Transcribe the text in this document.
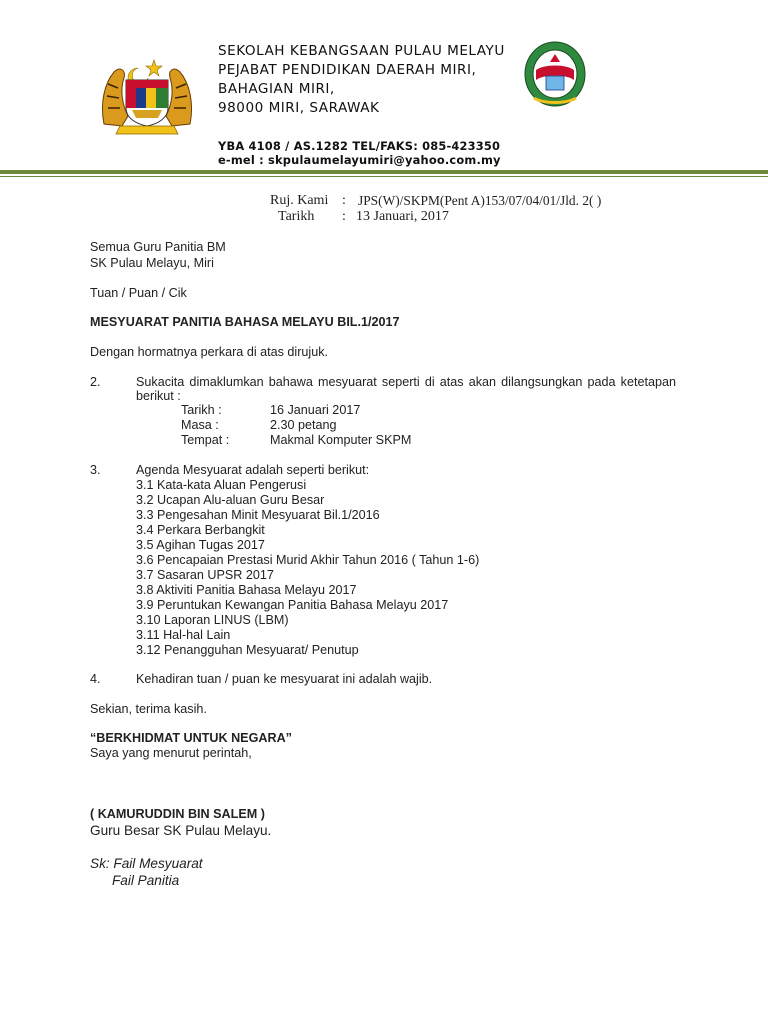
SEKOLAH KEBANGSAAN PULAU MELAYU
PEJABAT PENDIDIKAN DAERAH MIRI,
BAHAGIAN MIRI,
98000 MIRI, SARAWAK
YBA 4108 / AS.1282 TEL/FAKS: 085-423350
e-mel : skpulaumelayumiri@yahoo.com.my
Ruj. Kami : JPS(W)/SKPM(Pent A)153/07/04/01/Jld. 2( )
Tarikh : 13 Januari, 2017
Semua Guru Panitia BM
SK Pulau Melayu, Miri
Tuan / Puan / Cik
MESYUARAT PANITIA BAHASA MELAYU BIL.1/2017
Dengan hormatnya perkara di atas dirujuk.
2.	Sukacita dimaklumkan bahawa mesyuarat seperti di atas akan dilangsungkan pada ketetapan berikut :
Tarikh :	16 Januari 2017
Masa :	2.30 petang
Tempat :	Makmal Komputer SKPM
3.	Agenda Mesyuarat adalah seperti berikut:
3.1 Kata-kata Aluan Pengerusi
3.2 Ucapan Alu-aluan Guru Besar
3.3 Pengesahan Minit Mesyuarat Bil.1/2016
3.4 Perkara Berbangkit
3.5 Agihan Tugas 2017
3.6 Pencapaian Prestasi Murid Akhir Tahun 2016 ( Tahun 1-6)
3.7 Sasaran UPSR 2017
3.8 Aktiviti Panitia Bahasa Melayu 2017
3.9 Peruntukan Kewangan Panitia Bahasa Melayu 2017
3.10 Laporan LINUS (LBM)
3.11 Hal-hal Lain
3.12 Penangguhan Mesyuarat/ Penutup
4.	Kehadiran tuan / puan ke mesyuarat ini adalah wajib.
Sekian, terima kasih.
“BERKHIDMAT UNTUK NEGARA”
Saya yang menurut perintah,
( KAMURUDDIN BIN SALEM )
Guru Besar SK Pulau Melayu.
Sk: Fail Mesyuarat
Fail Panitia
